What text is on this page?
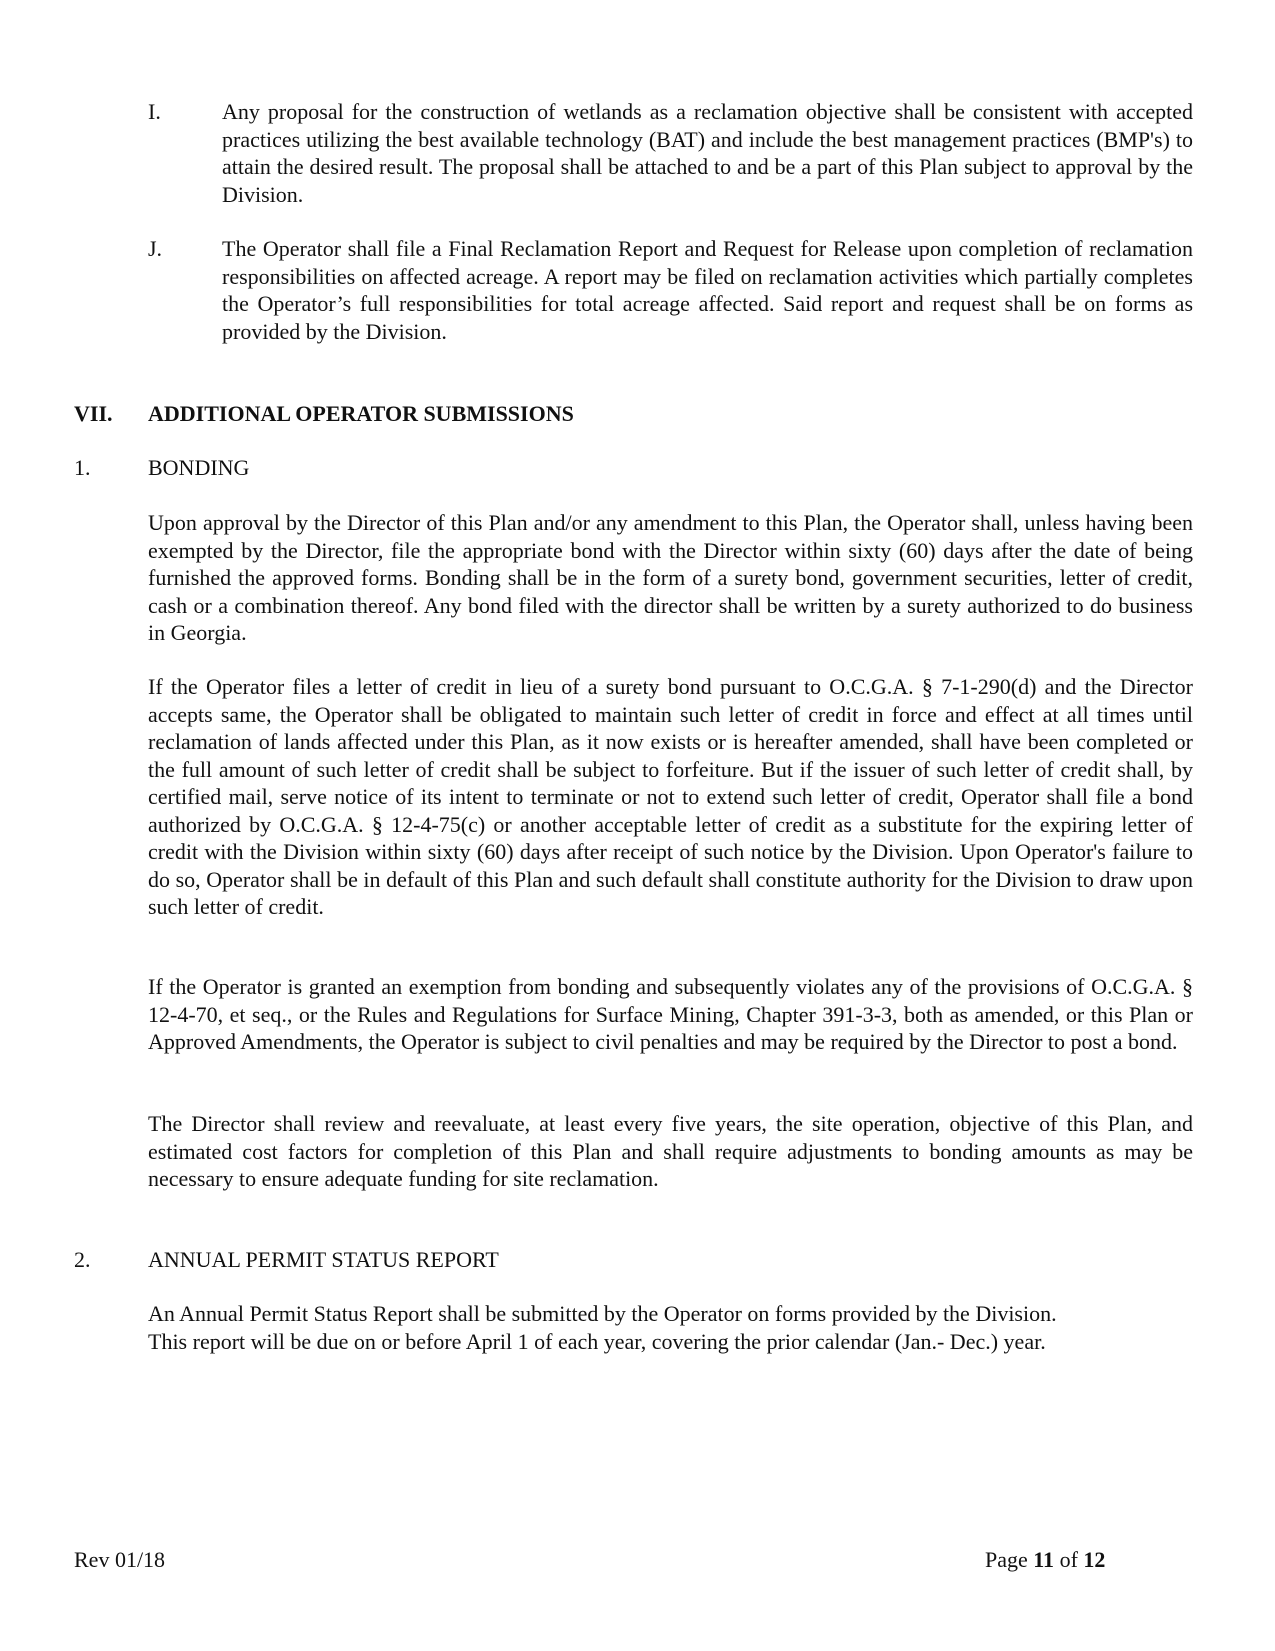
I.	Any proposal for the construction of wetlands as a reclamation objective shall be consistent with accepted practices utilizing the best available technology (BAT) and include the best management practices (BMP's) to attain the desired result. The proposal shall be attached to and be a part of this Plan subject to approval by the Division.
J.	The Operator shall file a Final Reclamation Report and Request for Release upon completion of reclamation responsibilities on affected acreage. A report may be filed on reclamation activities which partially completes the Operator’s full responsibilities for total acreage affected. Said report and request shall be on forms as provided by the Division.
VII. ADDITIONAL OPERATOR SUBMISSIONS
1.	BONDING
Upon approval by the Director of this Plan and/or any amendment to this Plan, the Operator shall, unless having been exempted by the Director, file the appropriate bond with the Director within sixty (60) days after the date of being furnished the approved forms. Bonding shall be in the form of a surety bond, government securities, letter of credit, cash or a combination thereof. Any bond filed with the director shall be written by a surety authorized to do business in Georgia.
If the Operator files a letter of credit in lieu of a surety bond pursuant to O.C.G.A. § 7-1-290(d) and the Director accepts same, the Operator shall be obligated to maintain such letter of credit in force and effect at all times until reclamation of lands affected under this Plan, as it now exists or is hereafter amended, shall have been completed or the full amount of such letter of credit shall be subject to forfeiture. But if the issuer of such letter of credit shall, by certified mail, serve notice of its intent to terminate or not to extend such letter of credit, Operator shall file a bond authorized by O.C.G.A. § 12-4-75(c) or another acceptable letter of credit as a substitute for the expiring letter of credit with the Division within sixty (60) days after receipt of such notice by the Division. Upon Operator's failure to do so, Operator shall be in default of this Plan and such default shall constitute authority for the Division to draw upon such letter of credit.
If the Operator is granted an exemption from bonding and subsequently violates any of the provisions of O.C.G.A. § 12-4-70, et seq., or the Rules and Regulations for Surface Mining, Chapter 391-3-3, both as amended, or this Plan or Approved Amendments, the Operator is subject to civil penalties and may be required by the Director to post a bond.
The Director shall review and reevaluate, at least every five years, the site operation, objective of this Plan, and estimated cost factors for completion of this Plan and shall require adjustments to bonding amounts as may be necessary to ensure adequate funding for site reclamation.
2.	ANNUAL PERMIT STATUS REPORT
An Annual Permit Status Report shall be submitted by the Operator on forms provided by the Division.
This report will be due on or before April 1 of each year, covering the prior calendar (Jan.- Dec.) year.
Rev 01/18	Page 11 of 12
